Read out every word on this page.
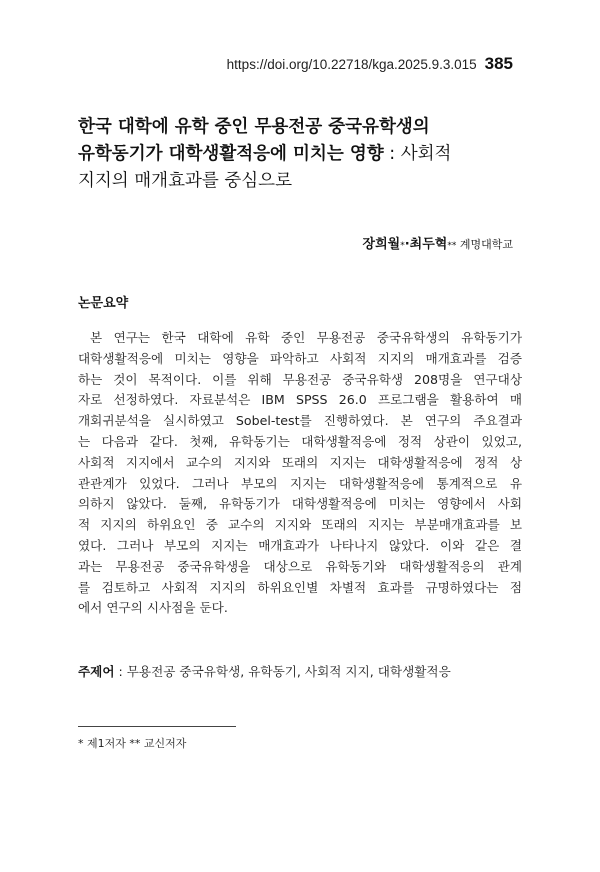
https://doi.org/10.22718/kga.2025.9.3.015 385
한국 대학에 유학 중인 무용전공 중국유학생의
유학동기가 대학생활적응에 미치는 영향 : 사회적
지지의 매개효과를 중심으로
장희월*·최두혁** 계명대학교
논문요약
본 연구는 한국 대학에 유학 중인 무용전공 중국유학생의 유학동기가
대학생활적응에 미치는 영향을 파악하고 사회적 지지의 매개효과를 검증
하는 것이 목적이다. 이를 위해 무용전공 중국유학생 208명을 연구대상
자로 선정하였다. 자료분석은 IBM SPSS 26.0 프로그램을 활용하여 매
개회귀분석을 실시하였고 Sobel-test를 진행하였다. 본 연구의 주요결과
는 다음과 같다. 첫째, 유학동기는 대학생활적응에 정적 상관이 있었고,
사회적 지지에서 교수의 지지와 또래의 지지는 대학생활적응에 정적 상
관관계가 있었다. 그러나 부모의 지지는 대학생활적응에 통계적으로 유
의하지 않았다. 둘째, 유학동기가 대학생활적응에 미치는 영향에서 사회
적 지지의 하위요인 중 교수의 지지와 또래의 지지는 부분매개효과를 보
였다. 그러나 부모의 지지는 매개효과가 나타나지 않았다. 이와 같은 결
과는 무용전공 중국유학생을 대상으로 유학동기와 대학생활적응의 관계
를 검토하고 사회적 지지의 하위요인별 차별적 효과를 규명하였다는 점
에서 연구의 시사점을 둔다.
주제어 : 무용전공 중국유학생, 유학동기, 사회적 지지, 대학생활적응
* 제1저자 ** 교신저자
